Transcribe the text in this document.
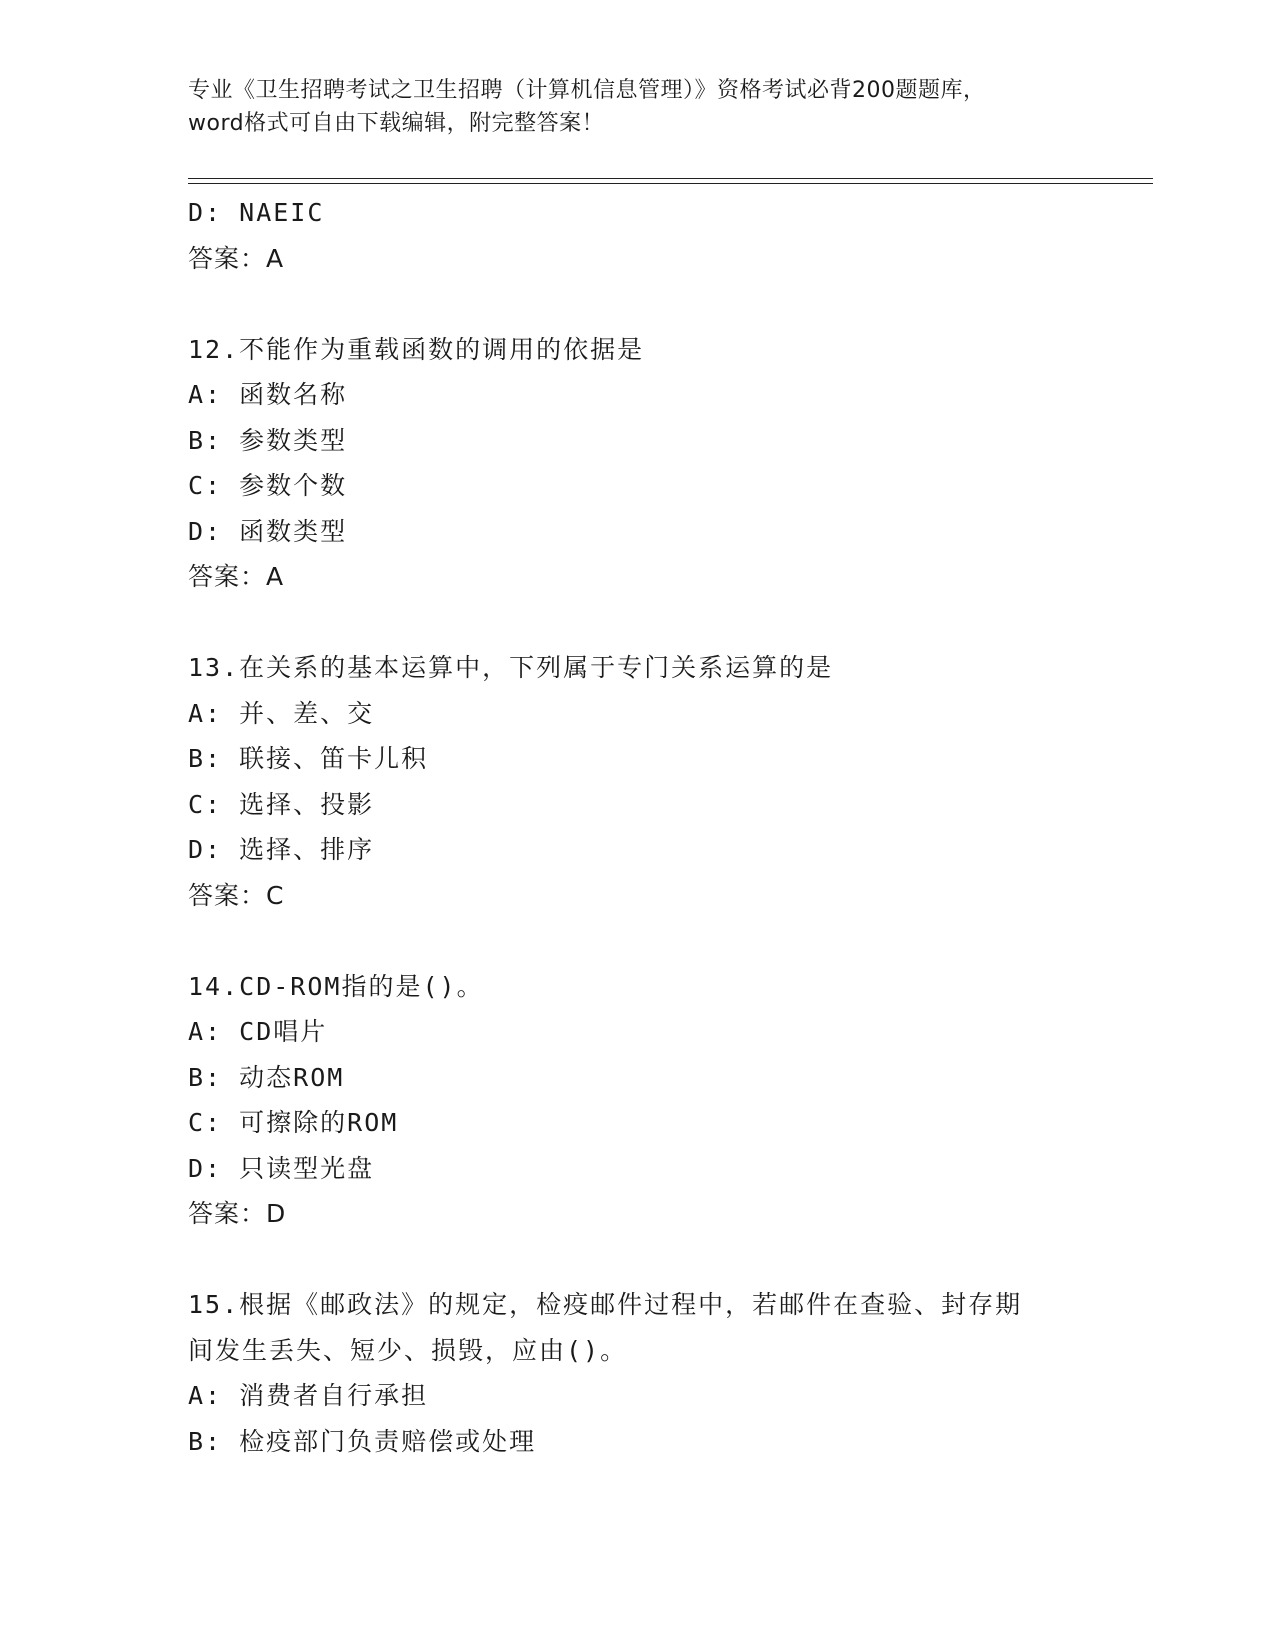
专业《卫生招聘考试之卫生招聘（计算机信息管理）》资格考试必背200题题库，
word格式可自由下载编辑，附完整答案！
D: NAEIC
答案：A
12.不能作为重载函数的调用的依据是
A: 函数名称
B: 参数类型
C: 参数个数
D: 函数类型
答案：A
13.在关系的基本运算中，下列属于专门关系运算的是
A: 并、差、交
B: 联接、笛卡儿积
C: 选择、投影
D: 选择、排序
答案：C
14.CD-ROM指的是()。
A: CD唱片
B: 动态ROM
C: 可擦除的ROM
D: 只读型光盘
答案：D
15.根据《邮政法》的规定，检疫邮件过程中，若邮件在查验、封存期
间发生丢失、短少、损毁，应由()。
A: 消费者自行承担
B: 检疫部门负责赔偿或处理
